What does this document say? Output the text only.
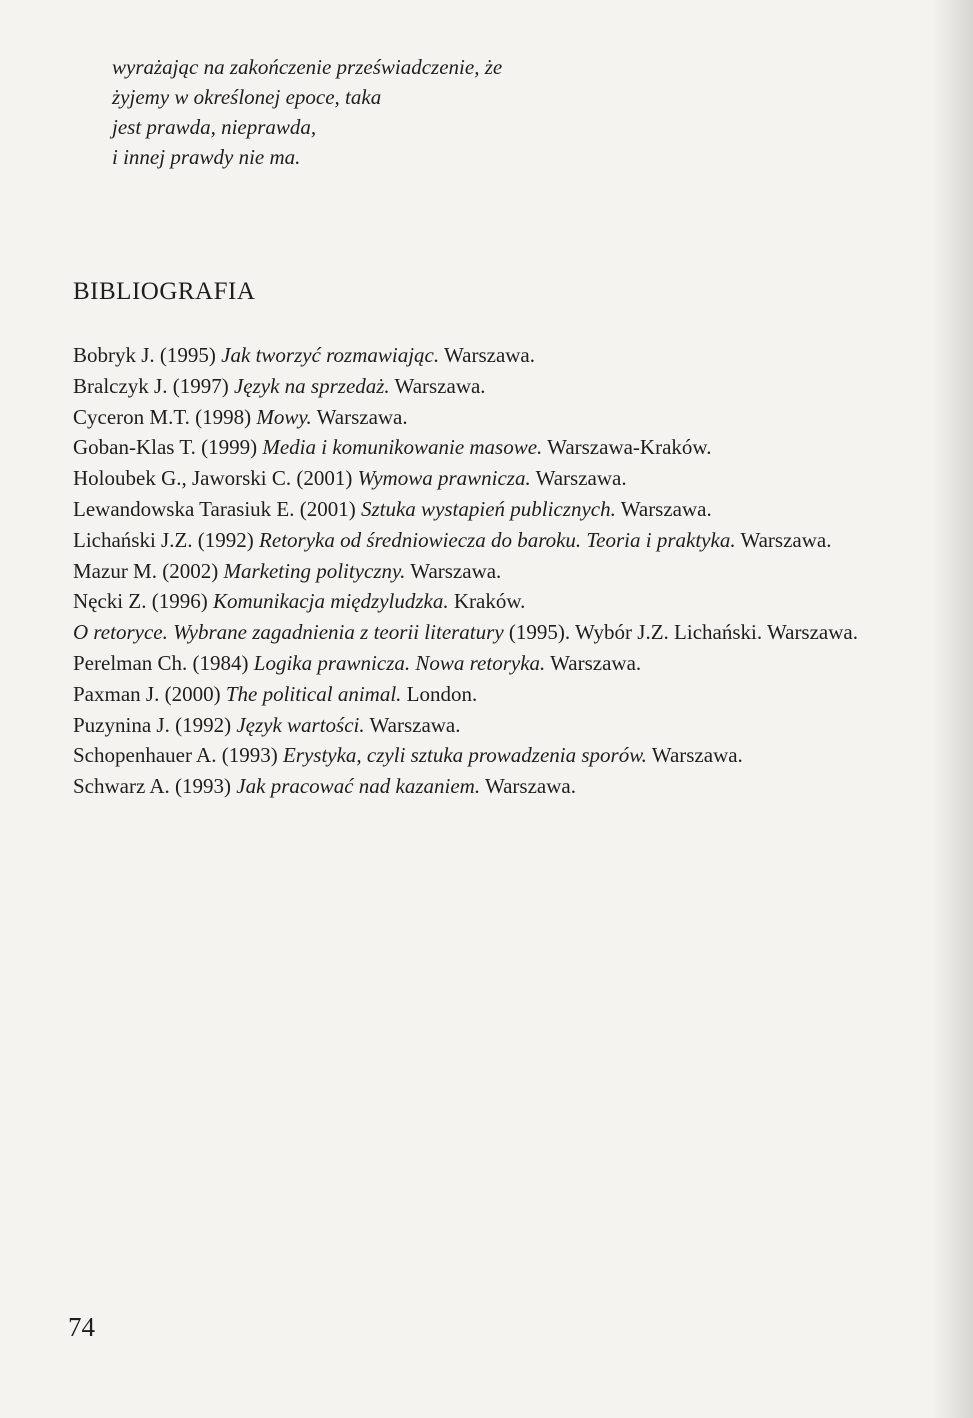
wyrażając na zakończenie przeświadczenie, że
żyjemy w określonej epoce, taka
jest prawda, nieprawda,
i innej prawdy nie ma.
BIBLIOGRAFIA
Bobryk J. (1995) Jak tworzyć rozmawiając. Warszawa.
Bralczyk J. (1997) Język na sprzedaż. Warszawa.
Cyceron M.T. (1998) Mowy. Warszawa.
Goban-Klas T. (1999) Media i komunikowanie masowe. Warszawa-Kraków.
Holoubek G., Jaworski C. (2001) Wymowa prawnicza. Warszawa.
Lewandowska Tarasiuk E. (2001) Sztuka wystapień publicznych. Warszawa.
Lichański J.Z. (1992) Retoryka od średniowiecza do baroku. Teoria i praktyka. Warszawa.
Mazur M. (2002) Marketing polityczny. Warszawa.
Nęcki Z. (1996) Komunikacja międzyludzka. Kraków.
O retoryce. Wybrane zagadnienia z teorii literatury (1995). Wybór J.Z. Lichański. Warszawa.
Perelman Ch. (1984) Logika prawnicza. Nowa retoryka. Warszawa.
Paxman J. (2000) The political animal. London.
Puzynina J. (1992) Język wartości. Warszawa.
Schopenhauer A. (1993) Erystyka, czyli sztuka prowadzenia sporów. Warszawa.
Schwarz A. (1993) Jak pracować nad kazaniem. Warszawa.
74
